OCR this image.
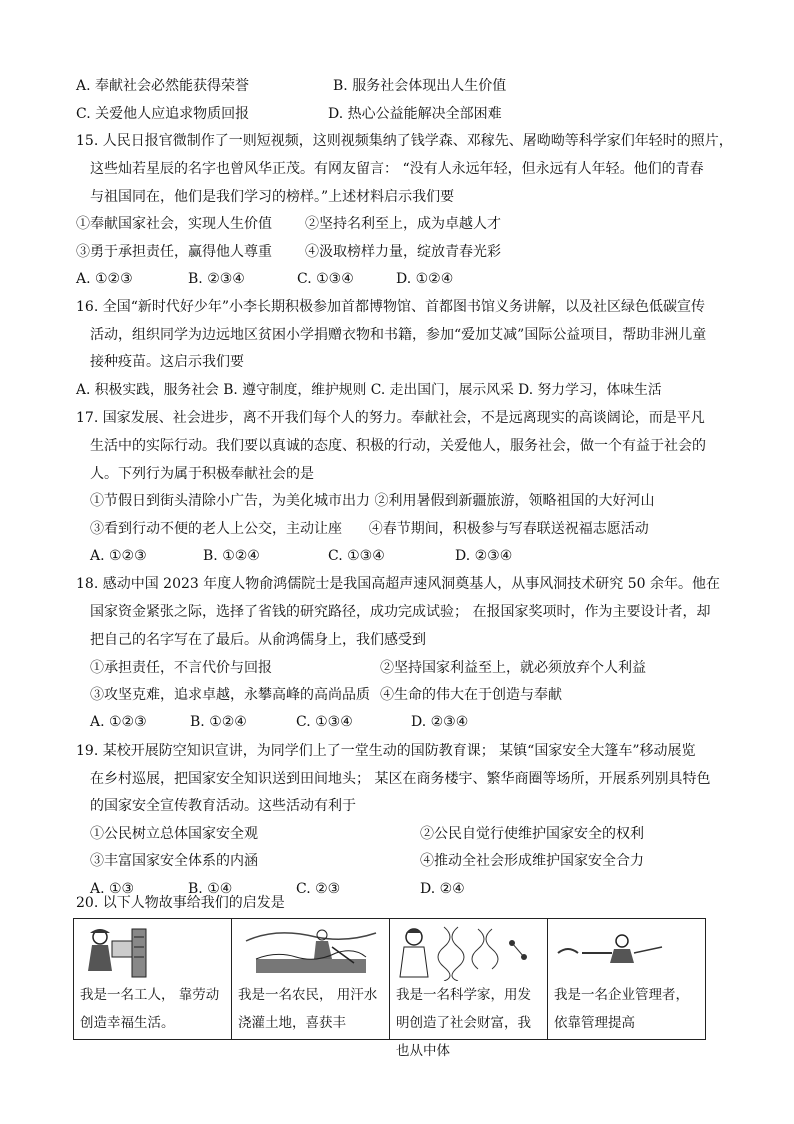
A. 奉献社会必然能获得荣誉	B. 服务社会体现出人生价值
C. 关爱他人应追求物质回报	D. 热心公益能解决全部困难
15. 人民日报官微制作了一则短视频，这则视频集纳了钱学森、邓稼先、屠呦呦等科学家们年轻时的照片，
这些灿若星辰的名字也曾风华正茂。有网友留言： “没有人永远年轻，但永远有人年轻。他们的青春
与祖国同在，他们是我们学习的榜样。”上述材料启示我们要
①奉献国家社会，实现人生价值 ②坚持名利至上，成为卓越人才
③勇于承担责任，赢得他人尊重 ④汲取榜样力量，绽放青春光彩
A. ①②③	B. ②③④	C. ①③④	D. ①②④
16. 全国“新时代好少年”小李长期积极参加首都博物馆、首都图书馆义务讲解，以及社区绿色低碳宣传
活动，组织同学为边远地区贫困小学捐赠衣物和书籍，参加“爱加艾减”国际公益项目，帮助非洲儿童
接种疫苗。这启示我们要
A. 积极实践，服务社会 B. 遵守制度，维护规则 C. 走出国门，展示风采 D. 努力学习，体味生活
17. 国家发展、社会进步，离不开我们每个人的努力。奉献社会，不是远离现实的高谈阔论，而是平凡
生活中的实际行动。我们要以真诚的态度、积极的行动，关爱他人，服务社会，做一个有益于社会的
人。下列行为属于积极奉献社会的是
①节假日到街头清除小广告，为美化城市出力 ②利用暑假到新疆旅游，领略祖国的大好河山
③看到行动不便的老人上公交，主动让座      ④春节期间，积极参与写春联送祝福志愿活动
A. ①②③	B. ①②④	C. ①③④	D. ②③④
18. 感动中国 2023 年度人物俞鸿儒院士是我国高超声速风洞奠基人，从事风洞技术研究 50 余年。他在
国家资金紧张之际，选择了省钱的研究路径，成功完成试验； 在报国家奖项时，作为主要设计者，却
把自己的名字写在了最后。从俞鸿儒身上，我们感受到
①承担责任，不言代价与回报	②坚持国家利益至上，就必须放弃个人利益
③攻坚克难，追求卓越，永攀高峰的高尚品质 ④生命的伟大在于创造与奉献
A. ①②③	B. ①②④	C. ①③④	D. ②③④
19. 某校开展防空知识宣讲，为同学们上了一堂生动的国防教育课； 某镇“国家安全大篷车”移动展览
在乡村巡展，把国家安全知识送到田间地头； 某区在商务楼宇、繁华商圈等场所，开展系列别具特色
的国家安全宣传教育活动。这些活动有利于
①公民树立总体国家安全观	②公民自觉行使维护国家安全的权利
③丰富国家安全体系的内涵	④推动全社会形成维护国家安全合力
A. ①③	B. ①④	C. ②③	D. ②④
20. 以下人物故事给我们的启发是
我是一名工人， 靠劳动创造幸福生活。

我是一名农民， 用汗水浇灌土地，喜获丰

我是一名科学家，用发明创造了社会财富，我也从中体

我是一名企业管理者， 依靠管理提高
